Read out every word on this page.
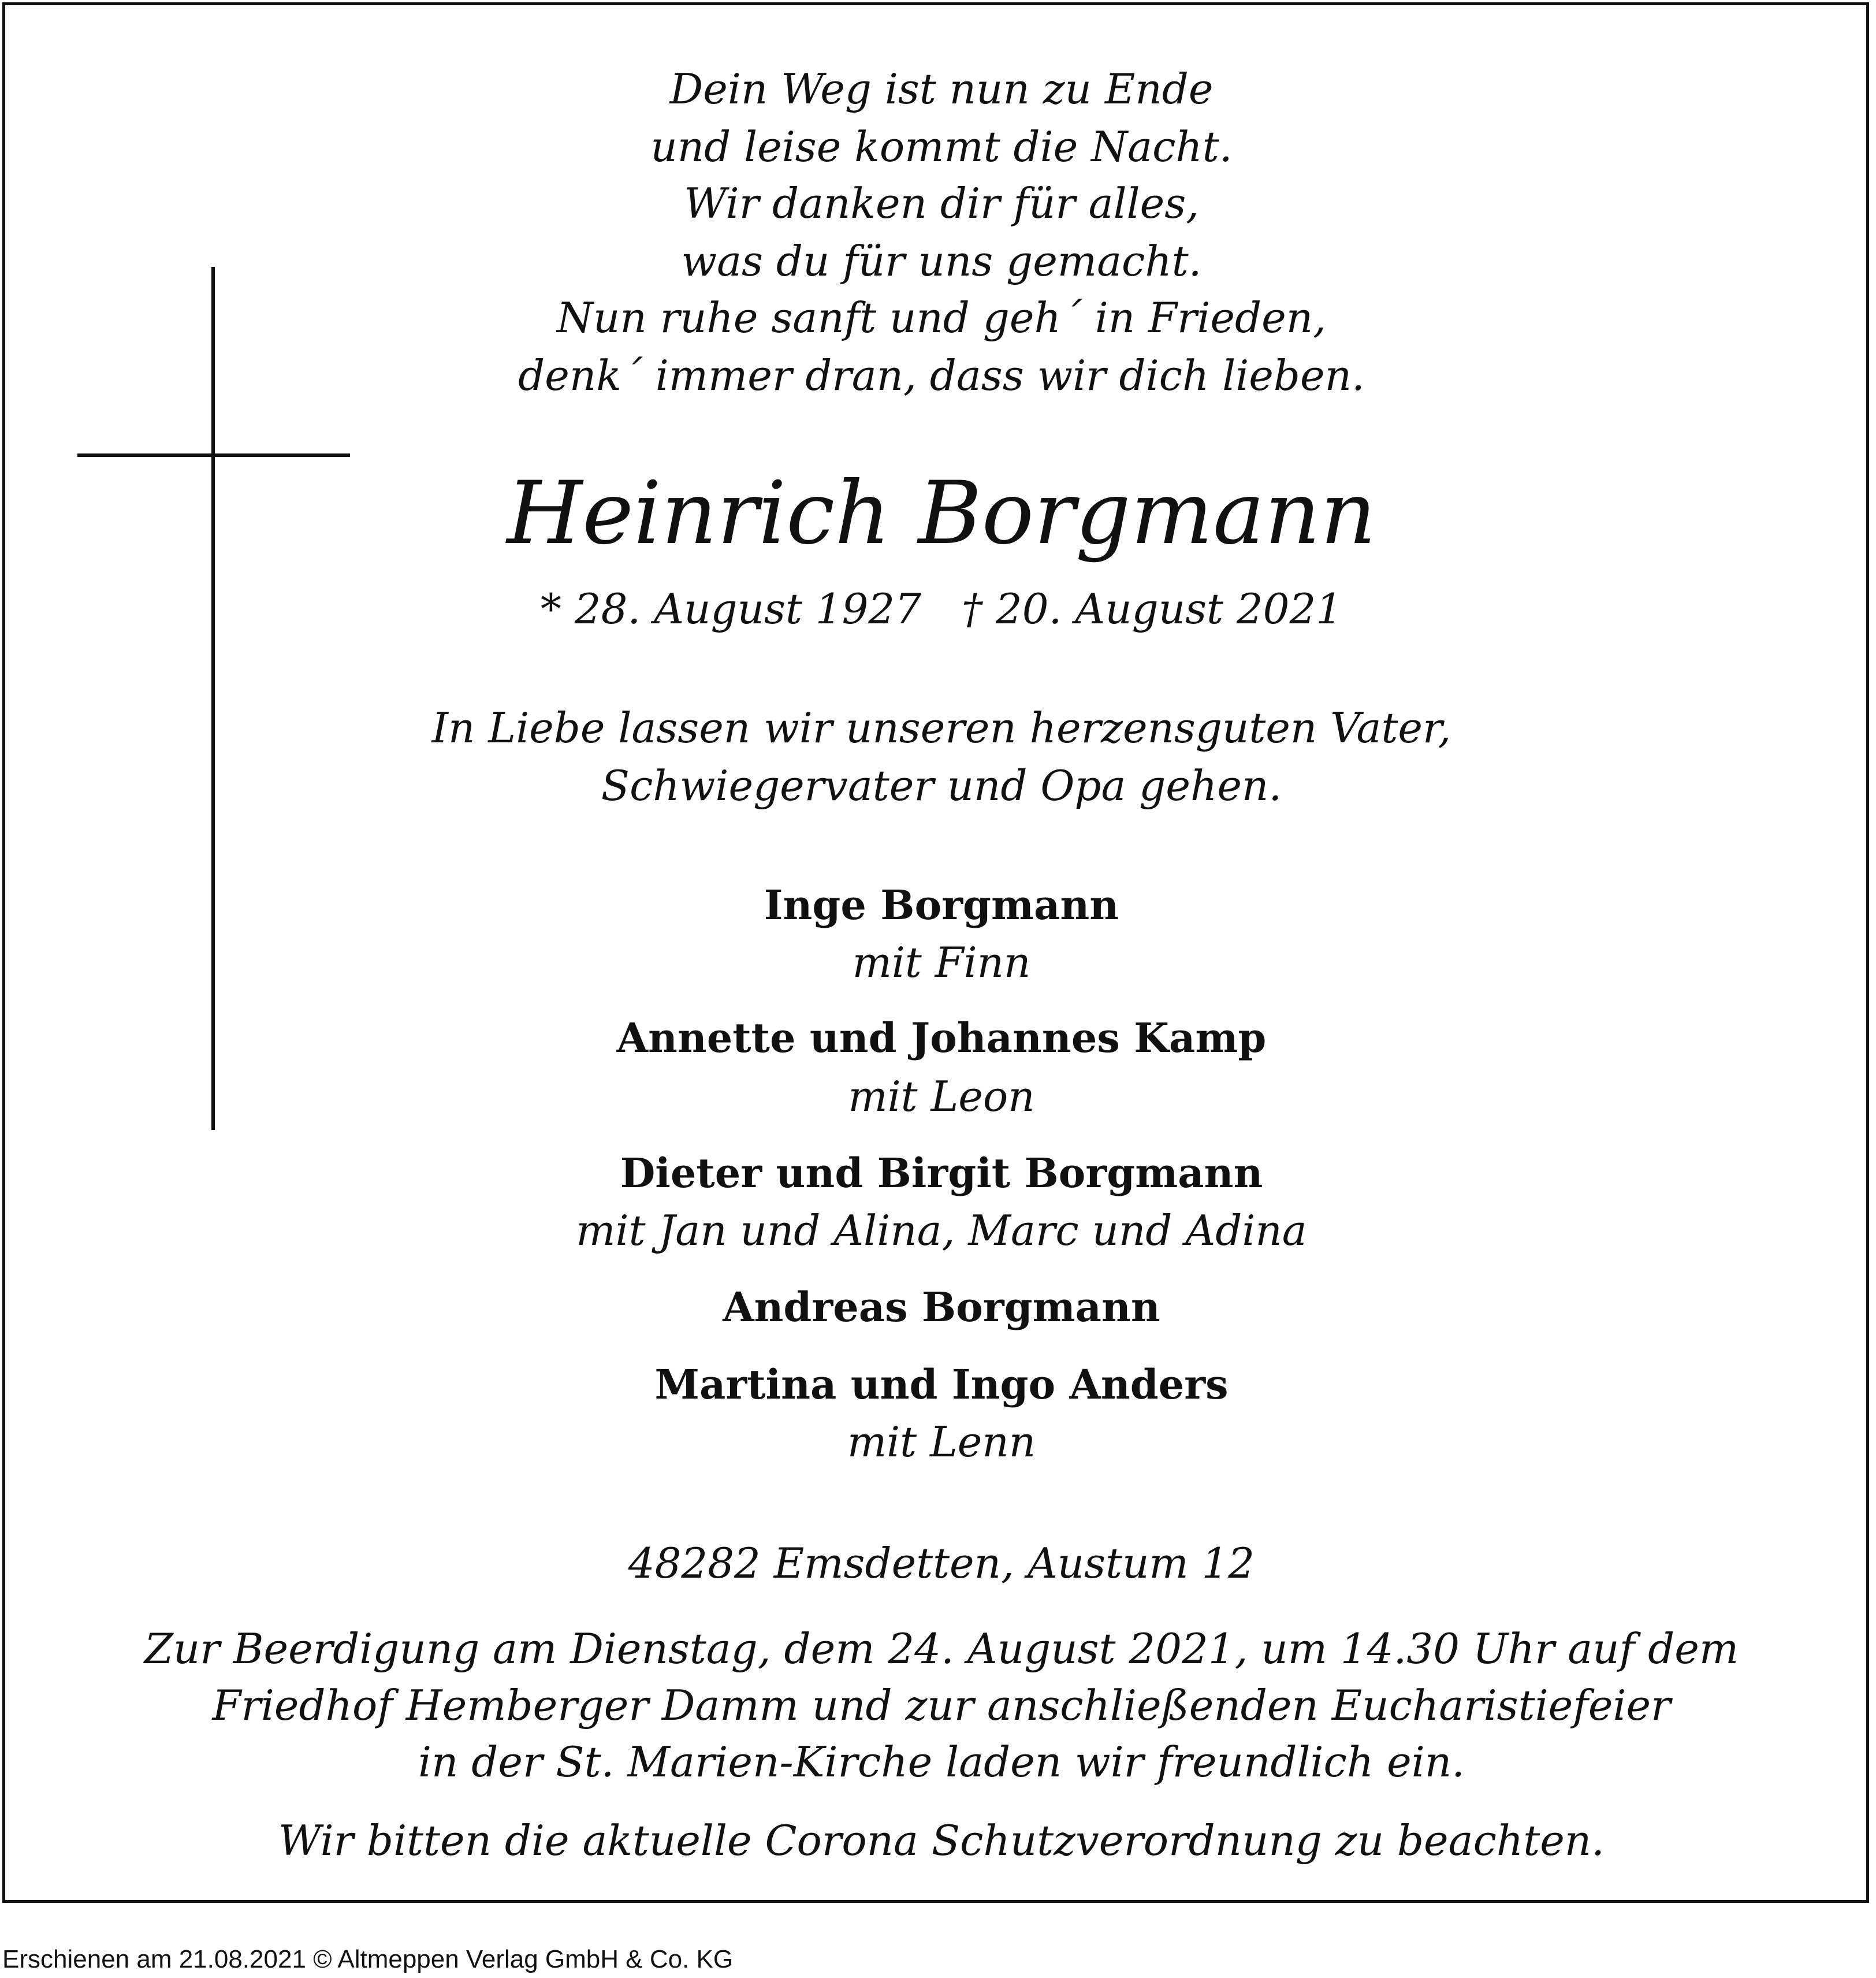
Dein Weg ist nun zu Ende
und leise kommt die Nacht.
Wir danken dir für alles,
was du für uns gemacht.
Nun ruhe sanft und geh´ in Frieden,
denk´ immer dran, dass wir dich lieben.
Heinrich Borgmann
* 28. August 1927 † 20. August 2021
In Liebe lassen wir unseren herzensguten Vater,
Schwiegervater und Opa gehen.
Inge Borgmann
mit Finn
Annette und Johannes Kamp
mit Leon
Dieter und Birgit Borgmann
mit Jan und Alina, Marc und Adina
Andreas Borgmann
Martina und Ingo Anders
mit Lenn
48282 Emsdetten, Austum 12
Zur Beerdigung am Dienstag, dem 24. August 2021, um 14.30 Uhr auf dem
Friedhof Hemberger Damm und zur anschließenden Eucharistiefeier
in der St. Marien-Kirche laden wir freundlich ein.
Wir bitten die aktuelle Corona Schutzverordnung zu beachten.
Erschienen am 21.08.2021 © Altmeppen Verlag GmbH & Co. KG
